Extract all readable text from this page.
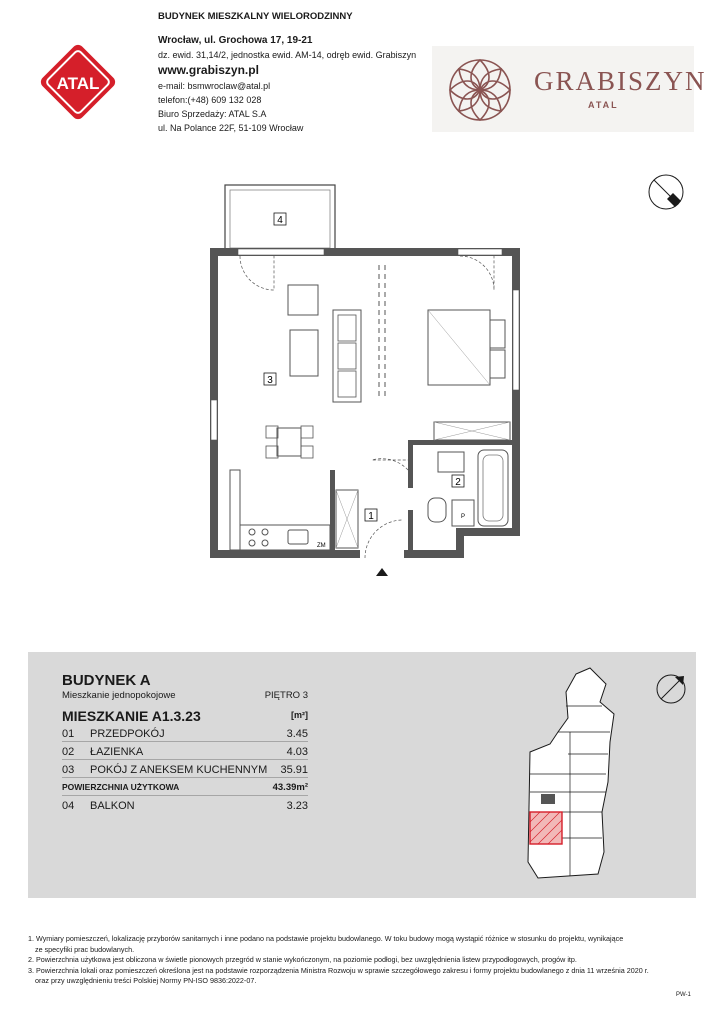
ATAL
BUDYNEK MIESZKALNY WIELORODZINNY
Wrocław, ul. Grochowa 17, 19-21
dz. ewid. 31,14/2, jednostka ewid. AM-14, odręb ewid. Grabiszyn
www.grabiszyn.pl
e-mail: bsmwroclaw@atal.pl
telefon:(+48) 609 132 028
Biuro Sprzedaży: ATAL S.A
ul. Na Polance 22F, 51-109 Wrocław
GRABISZYN
ATAL
4
3
2
1
ZM
P
BUDYNEK A
Mieszkanie jednopokojowe	PIĘTRO 3
MIESZKANIE A1.3.23	[m²]
01 PRZEDPOKÓJ	3.45
02 ŁAZIENKA	4.03
03 POKÓJ Z ANEKSEM KUCHENNYM 35.91
POWIERZCHNIA UŻYTKOWA	43.39m²
04 BALKON	3.23
1. Wymiary pomieszczeń, lokalizację przyborów sanitarnych i inne podano na podstawie projektu budowlanego. W toku budowy mogą wystąpić różnice w stosunku do projektu, wynikające
ze specyfiki prac budowlanych.
2. Powierzchnia użytkowa jest obliczona w świetle pionowych przegród w stanie wykończonym, na poziomie podłogi, bez uwzględnienia listew przypodłogowych, progów itp.
3. Powierzchnia lokali oraz pomieszczeń określona jest na podstawie rozporządzenia Ministra Rozwoju w sprawie szczegółowego zakresu i formy projektu budowlanego z dnia 11 września 2020 r.
oraz przy uwzględnieniu treści Polskiej Normy PN-ISO 9836:2022-07.
PW-1
